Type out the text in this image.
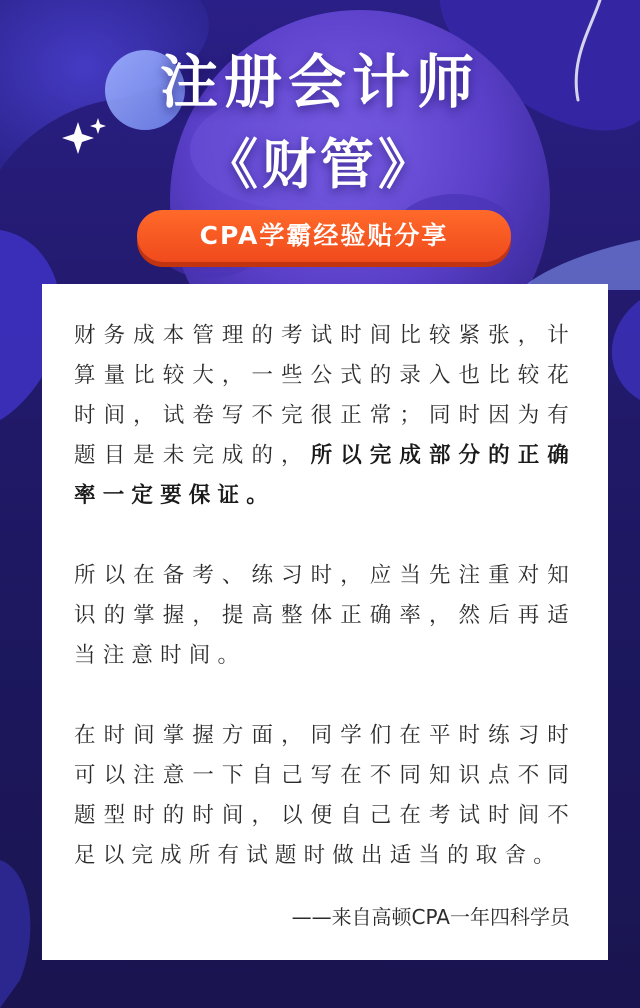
注册会计师
《财管》
CPA学霸经验贴分享

财务成本管理的考试时间比较紧张，计算量比较大，一些公式的录入也比较花时间，试卷写不完很正常；同时因为有题目是未完成的，所以完成部分的正确率一定要保证。

所以在备考、练习时，应当先注重对知识的掌握，提高整体正确率，然后再适当注意时间。

在时间掌握方面，同学们在平时练习时可以注意一下自己写在不同知识点不同题型时的时间，以便自己在考试时间不足以完成所有试题时做出适当的取舍。

——来自高顿CPA一年四科学员
